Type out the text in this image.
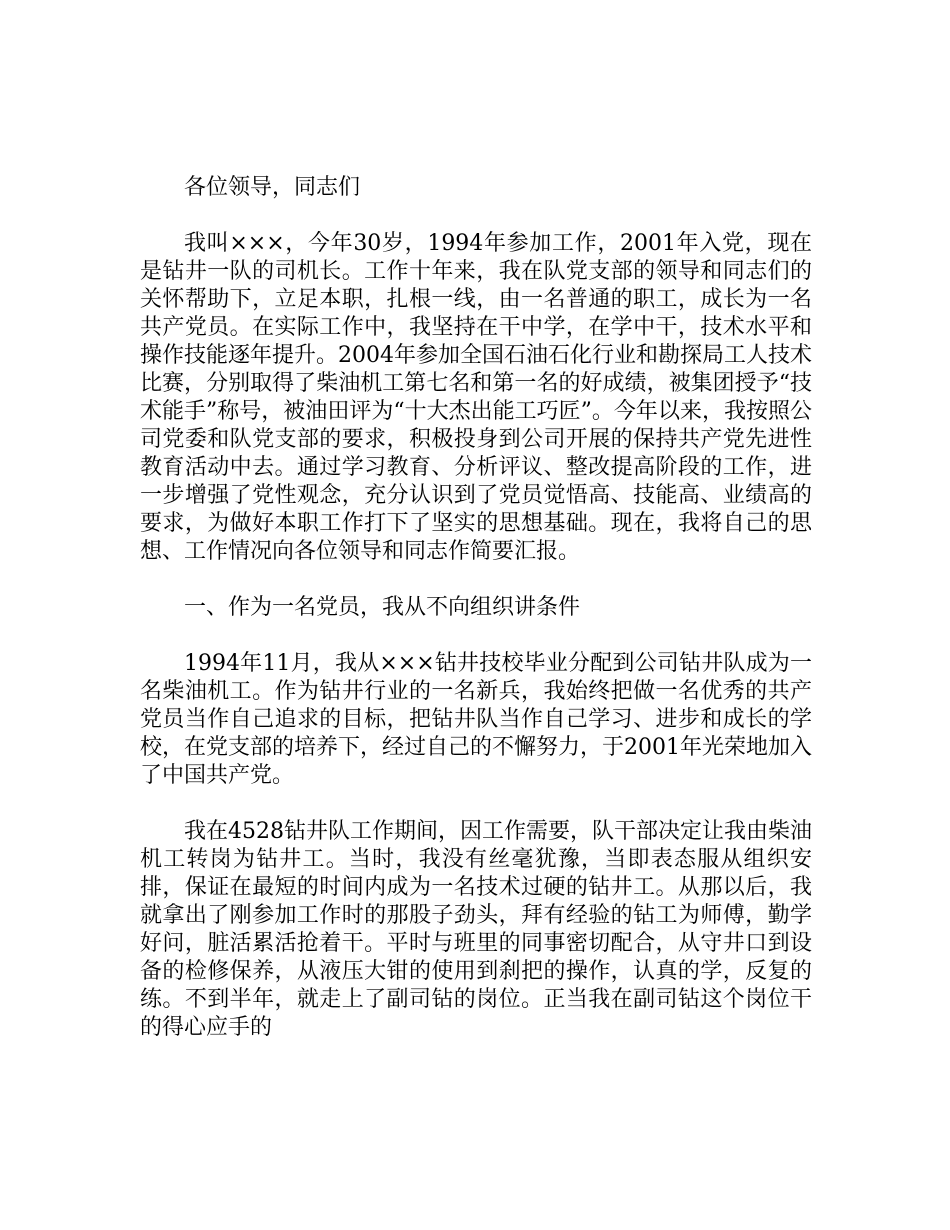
各位领导，同志们

我叫×××，今年30岁，1994年参加工作，2001年入党，现在是钻井一队的司机长。工作十年来，我在队党支部的领导和同志们的关怀帮助下，立足本职，扎根一线，由一名普通的职工，成长为一名共产党员。在实际工作中，我坚持在干中学，在学中干，技术水平和操作技能逐年提升。2004年参加全国石油石化行业和勘探局工人技术比赛，分别取得了柴油机工第七名和第一名的好成绩，被集团授予“技术能手”称号，被油田评为“十大杰出能工巧匠”。今年以来，我按照公司党委和队党支部的要求，积极投身到公司开展的保持共产党先进性教育活动中去。通过学习教育、分析评议、整改提高阶段的工作，进一步增强了党性观念，充分认识到了党员觉悟高、技能高、业绩高的要求，为做好本职工作打下了坚实的思想基础。现在，我将自己的思想、工作情况向各位领导和同志作简要汇报。

一、作为一名党员，我从不向组织讲条件

1994年11月，我从×××钻井技校毕业分配到公司钻井队成为一名柴油机工。作为钻井行业的一名新兵，我始终把做一名优秀的共产党员当作自己追求的目标，把钻井队当作自己学习、进步和成长的学校，在党支部的培养下，经过自己的不懈努力，于2001年光荣地加入了中国共产党。

我在4528钻井队工作期间，因工作需要，队干部决定让我由柴油机工转岗为钻井工。当时，我没有丝毫犹豫，当即表态服从组织安排，保证在最短的时间内成为一名技术过硬的钻井工。从那以后，我就拿出了刚参加工作时的那股子劲头，拜有经验的钻工为师傅，勤学好问，脏活累活抢着干。平时与班里的同事密切配合，从守井口到设备的检修保养，从液压大钳的使用到刹把的操作，认真的学，反复的练。不到半年，就走上了副司钻的岗位。正当我在副司钻这个岗位干的得心应手的
